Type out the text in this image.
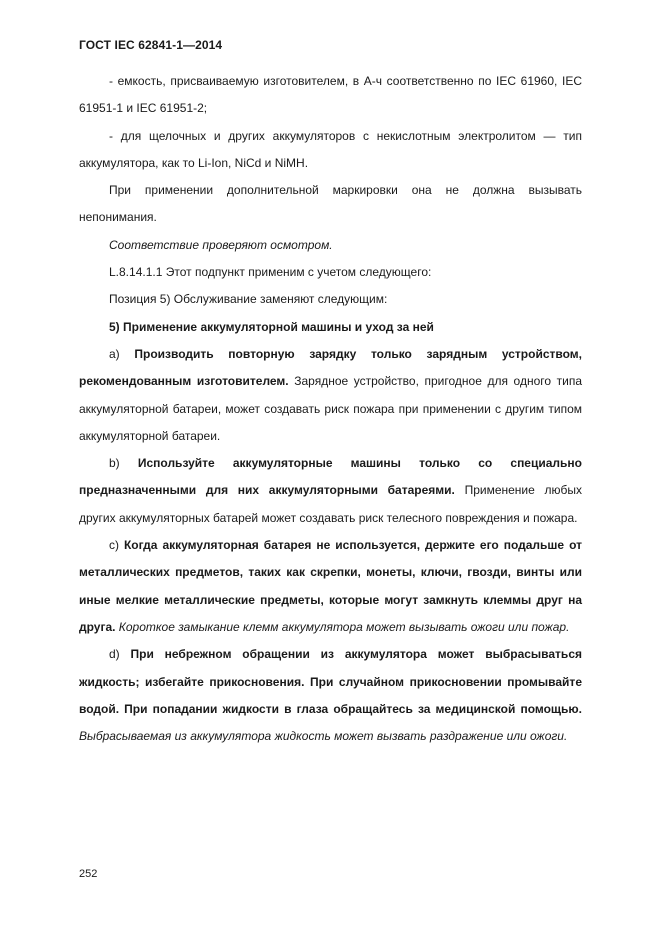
ГОСТ IEC 62841-1—2014

- емкость, присваиваемую изготовителем, в А-ч соответственно по IEC 61960, IEC 61951-1 и IEC 61951-2;

- для щелочных и других аккумуляторов с некислотным электролитом — тип аккумулятора, как то Li-Ion, NiCd и NiMH.

При применении дополнительной маркировки она не должна вызывать непонимания.

Соответствие проверяют осмотром.

L.8.14.1.1 Этот подпункт применим с учетом следующего:

Позиция 5) Обслуживание заменяют следующим:

5) Применение аккумуляторной машины и уход за ней

a) Производить повторную зарядку только зарядным устройством, рекомендованным изготовителем. Зарядное устройство, пригодное для одного типа аккумуляторной батареи, может создавать риск пожара при применении с другим типом аккумуляторной батареи.

b) Используйте аккумуляторные машины только со специально предназначенными для них аккумуляторными батареями. Применение любых других аккумуляторных батарей может создавать риск телесного повреждения и пожара.

c) Когда аккумуляторная батарея не используется, держите его подальше от металлических предметов, таких как скрепки, монеты, ключи, гвозди, винты или иные мелкие металлические предметы, которые могут замкнуть клеммы друг на друга. Короткое замыкание клемм аккумулятора может вызывать ожоги или пожар.

d) При небрежном обращении из аккумулятора может выбрасываться жидкость; избегайте прикосновения. При случайном прикосновении промывайте водой. При попадании жидкости в глаза обращайтесь за медицинской помощью. Выбрасываемая из аккумулятора жидкость может вызвать раздражение или ожоги.

252
